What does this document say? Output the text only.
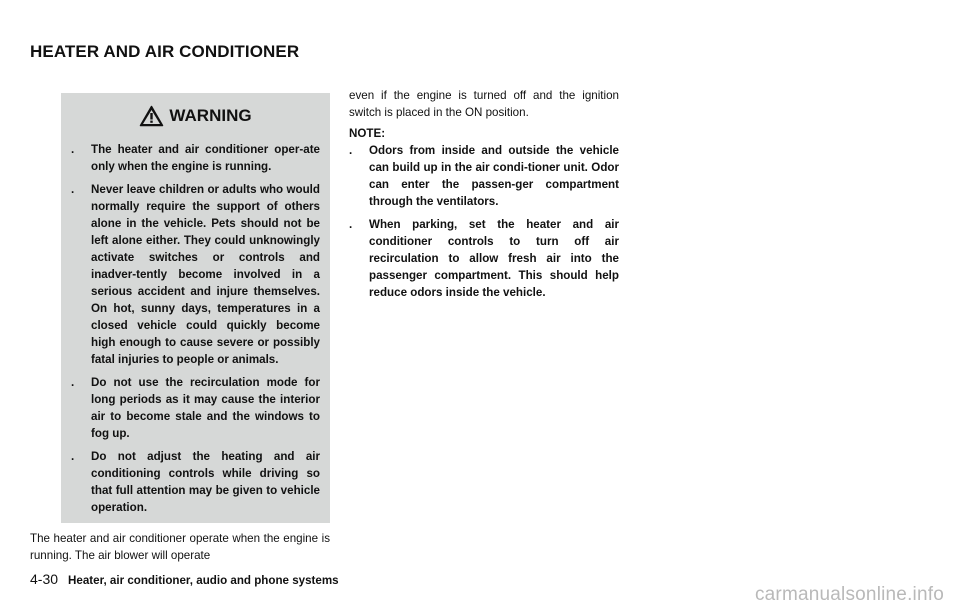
HEATER AND AIR CONDITIONER
WARNING
. The heater and air conditioner oper-ate only when the engine is running.
. Never leave children or adults who would normally require the support of others alone in the vehicle. Pets should not be left alone either. They could unknowingly activate switches or controls and inadver-tently become involved in a serious accident and injure themselves. On hot, sunny days, temperatures in a closed vehicle could quickly become high enough to cause severe or possibly fatal injuries to people or animals.
. Do not use the recirculation mode for long periods as it may cause the interior air to become stale and the windows to fog up.
. Do not adjust the heating and air conditioning controls while driving so that full attention may be given to vehicle operation.

The heater and air conditioner operate when the engine is running. The air blower will operate

even if the engine is turned off and the ignition switch is placed in the ON position.

NOTE:

. Odors from inside and outside the vehicle can build up in the air condi-tioner unit. Odor can enter the passen-ger compartment through the ventilators.
. When parking, set the heater and air conditioner controls to turn off air recirculation to allow fresh air into the passenger compartment. This should help reduce odors inside the vehicle.
4-30 Heater, air conditioner, audio and phone systems
carmanualsonline.info
